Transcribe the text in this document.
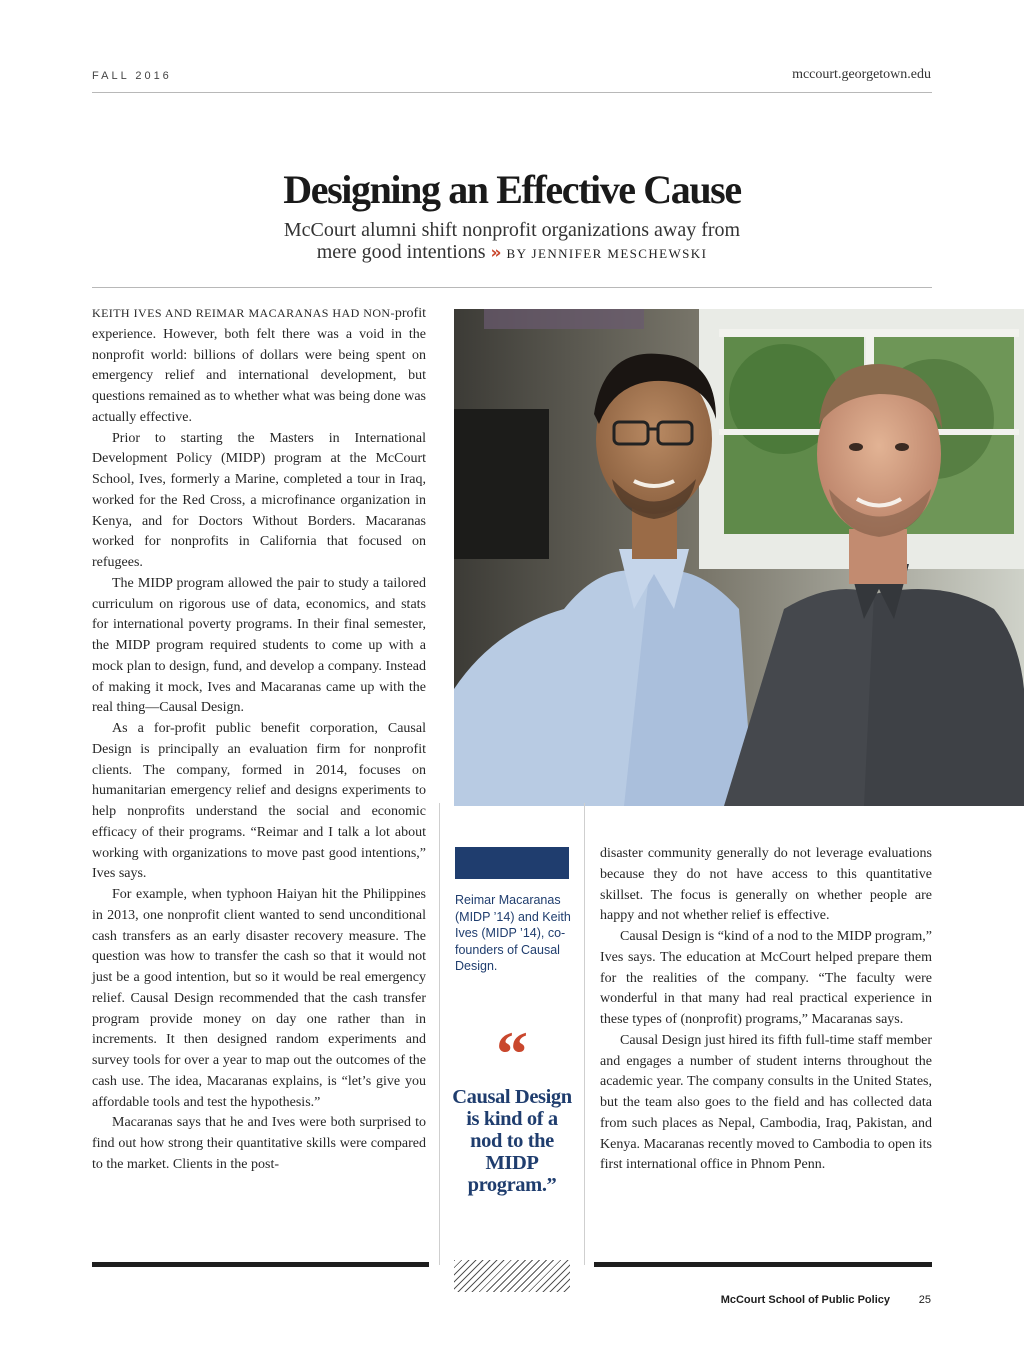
FALL 2016	mccourt.georgetown.edu
Designing an Effective Cause
McCourt alumni shift nonprofit organizations away from
mere good intentions » BY JENNIFER MESCHEWSKI

KEITH IVES AND REIMAR MACARANAS HAD NON-profit experience. However, both felt there was a void in the nonprofit world: billions of dollars were being spent on emergency relief and international development, but questions remained as to whether what was being done was actually effective.

Prior to starting the Masters in International Development Policy (MIDP) program at the McCourt School, Ives, formerly a Marine, completed a tour in Iraq, worked for the Red Cross, a microfinance organization in Kenya, and for Doctors Without Borders. Macaranas worked for nonprofits in California that focused on refugees.

The MIDP program allowed the pair to study a tailored curriculum on rigorous use of data, economics, and stats for international poverty programs. In their final semester, the MIDP program required students to come up with a mock plan to design, fund, and develop a company. Instead of making it mock, Ives and Macaranas came up with the real thing—Causal Design.

As a for-profit public benefit corporation, Causal Design is principally an evaluation firm for nonprofit clients. The company, formed in 2014, focuses on humanitarian emergency relief and designs experiments to help nonprofits understand the social and economic efficacy of their programs. “Reimar and I talk a lot about working with organizations to move past good intentions,” Ives says.

For example, when typhoon Haiyan hit the Philippines in 2013, one nonprofit client wanted to send unconditional cash transfers as an early disaster recovery measure. The question was how to transfer the cash so that it would not just be a good intention, but so it would be real emergency relief. Causal Design recommended that the cash transfer program provide money on day one rather than in increments. It then designed random experiments and survey tools for over a year to map out the outcomes of the cash use. The idea, Macaranas explains, is “let’s give you affordable tools and test the hypothesis.”

Macaranas says that he and Ives were both surprised to find out how strong their quantitative skills were compared to the market. Clients in the post-

Reimar Macaranas (MIDP ’14) and Keith Ives (MIDP ’14), co-founders of Causal Design.
“
Causal Design is kind of a nod to the MIDP program.”

disaster community generally do not leverage evaluations because they do not have access to this quantitative skillset. The focus is generally on whether people are happy and not whether relief is effective.

Causal Design is “kind of a nod to the MIDP program,” Ives says. The education at McCourt helped prepare them for the realities of the company. “The faculty were wonderful in that many had real practical experience in these types of (nonprofit) programs,” Macaranas says.

Causal Design just hired its fifth full-time staff member and engages a number of student interns throughout the academic year. The company consults in the United States, but the team also goes to the field and has collected data from such places as Nepal, Cambodia, Iraq, Pakistan, and Kenya. Macaranas recently moved to Cambodia to open its first international office in Phnom Penn.

McCourt School of Public Policy	25
